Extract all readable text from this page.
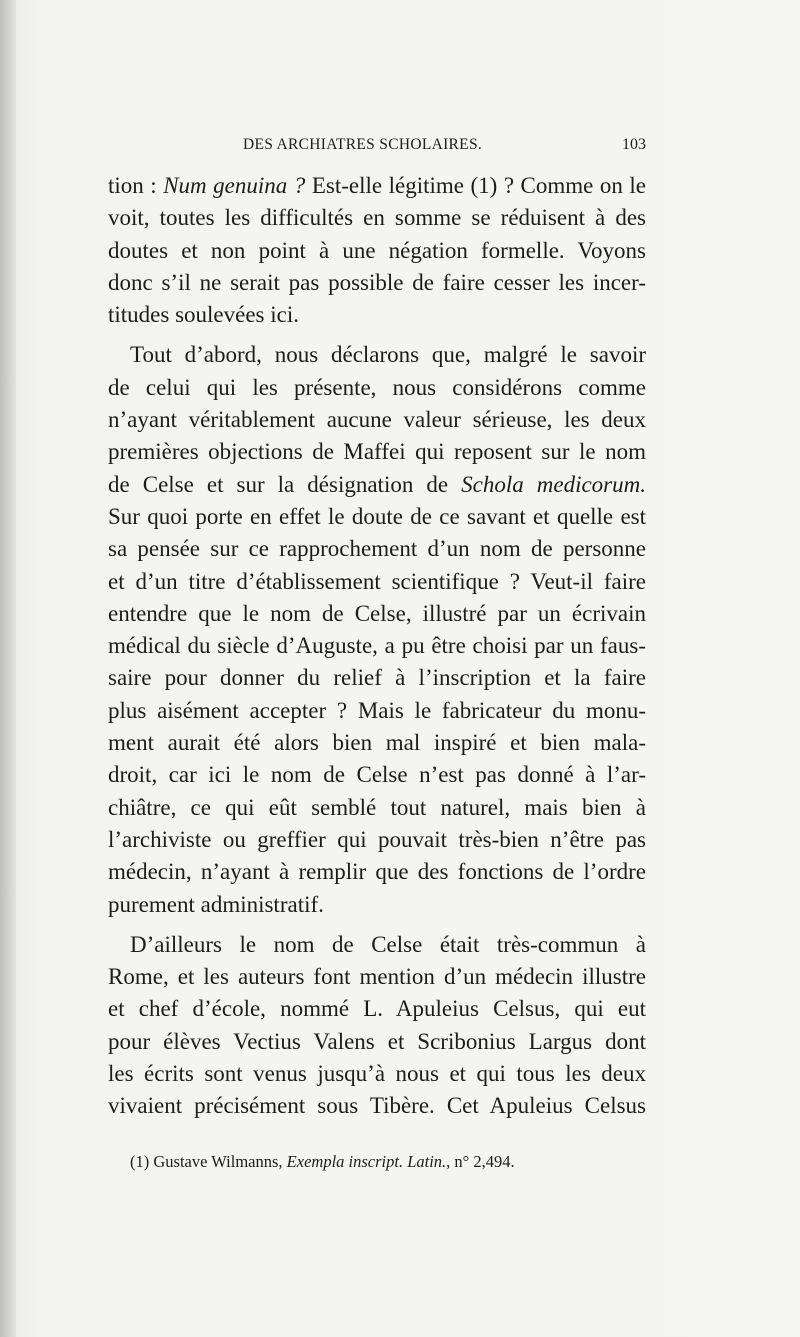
DES ARCHIATRES SCHOLAIRES.	103
tion : Num genuina ? Est-elle légitime (1) ? Comme on le
voit, toutes les difficultés en somme se réduisent à des
doutes et non point à une négation formelle. Voyons
donc s’il ne serait pas possible de faire cesser les incer-
titudes soulevées ici.
Tout d’abord, nous déclarons que, malgré le savoir
de celui qui les présente, nous considérons comme
n’ayant véritablement aucune valeur sérieuse, les deux
premières objections de Maffei qui reposent sur le nom
de Celse et sur la désignation de Schola medicorum.
Sur quoi porte en effet le doute de ce savant et quelle est
sa pensée sur ce rapprochement d’un nom de personne
et d’un titre d’établissement scientifique ? Veut-il faire
entendre que le nom de Celse, illustré par un écrivain
médical du siècle d’Auguste, a pu être choisi par un faus-
saire pour donner du relief à l’inscription et la faire
plus aisément accepter ? Mais le fabricateur du monu-
ment aurait été alors bien mal inspiré et bien mala-
droit, car ici le nom de Celse n’est pas donné à l’ar-
chiâtre, ce qui eût semblé tout naturel, mais bien à
l’archiviste ou greffier qui pouvait très-bien n’être pas
médecin, n’ayant à remplir que des fonctions de l’ordre
purement administratif.
D’ailleurs le nom de Celse était très-commun à
Rome, et les auteurs font mention d’un médecin illustre
et chef d’école, nommé L. Apuleius Celsus, qui eut
pour élèves Vectius Valens et Scribonius Largus dont
les écrits sont venus jusqu’à nous et qui tous les deux
vivaient précisément sous Tibère. Cet Apuleius Celsus
(1) Gustave Wilmanns, Exempla inscript. Latin., n° 2,494.
